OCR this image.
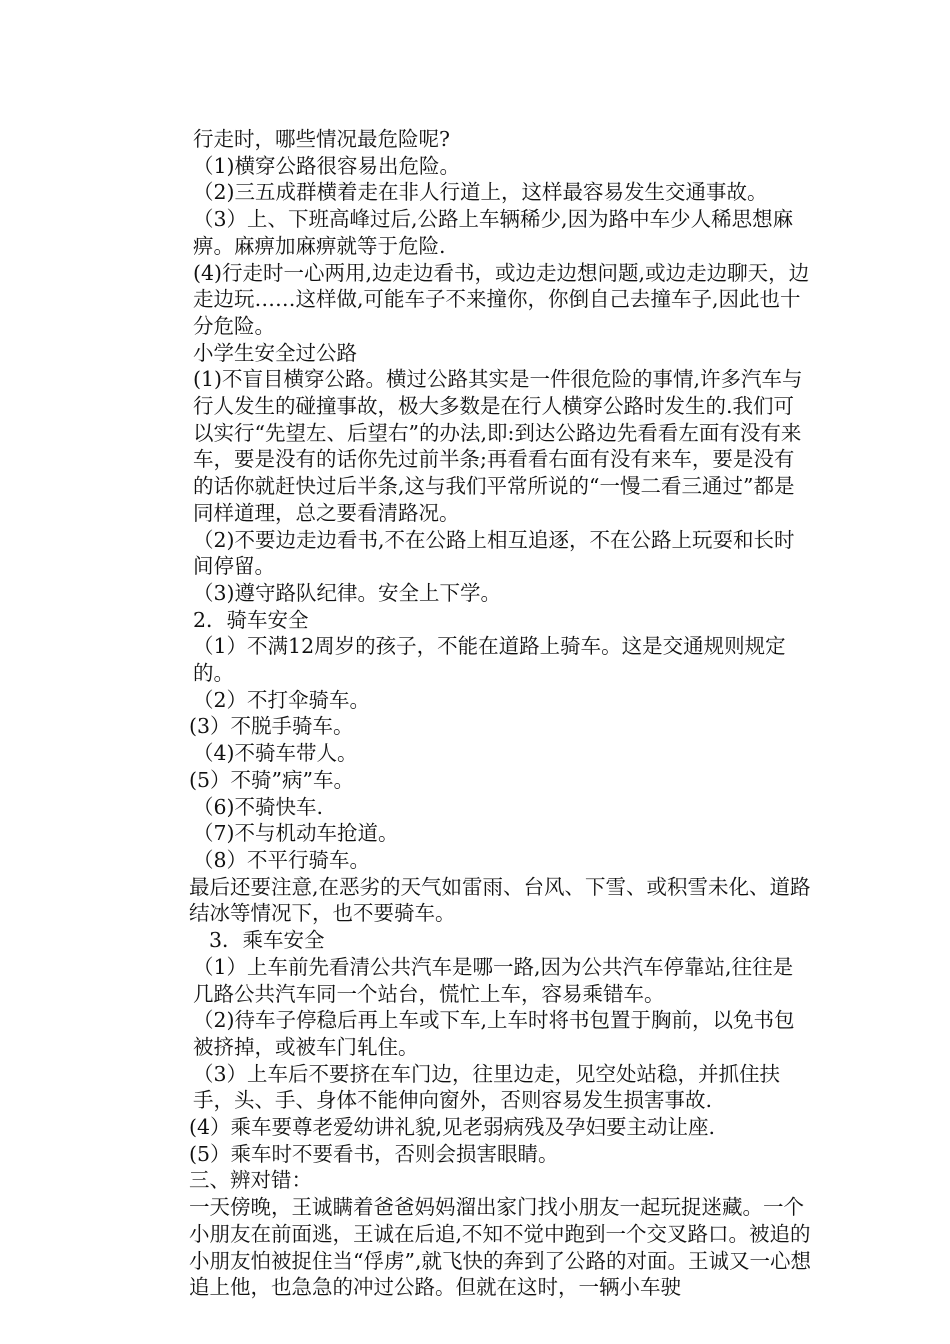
行走时，哪些情况最危险呢?
（1)横穿公路很容易出危险。
（2)三五成群横着走在非人行道上，这样最容易发生交通事故。
（3）上、下班高峰过后,公路上车辆稀少,因为路中车少人稀思想麻痹。麻痹加麻痹就等于危险.
(4)行走时一心两用,边走边看书，或边走边想问题,或边走边聊天，边走边玩……这样做,可能车子不来撞你，你倒自己去撞车子,因此也十分危险。
小学生安全过公路
(1)不盲目横穿公路。横过公路其实是一件很危险的事情,许多汽车与行人发生的碰撞事故，极大多数是在行人横穿公路时发生的.我们可以实行“先望左、后望右”的办法,即:到达公路边先看看左面有没有来车，要是没有的话你先过前半条;再看看右面有没有来车，要是没有的话你就赶快过后半条,这与我们平常所说的“一慢二看三通过”都是同样道理，总之要看清路况。
（2)不要边走边看书,不在公路上相互追逐，不在公路上玩耍和长时间停留。
（3)遵守路队纪律。安全上下学。
2．骑车安全
（1）不满12周岁的孩子，不能在道路上骑车。这是交通规则规定的。
（2）不打伞骑车。
(3）不脱手骑车。
（4)不骑车带人。
(5）不骑”病”车。
（6)不骑快车.
（7)不与机动车抢道。
（8）不平行骑车。
最后还要注意,在恶劣的天气如雷雨、台风、下雪、或积雪未化、道路结冰等情况下，也不要骑车。
3．乘车安全
（1）上车前先看清公共汽车是哪一路,因为公共汽车停靠站,往往是几路公共汽车同一个站台，慌忙上车，容易乘错车。
（2)待车子停稳后再上车或下车,上车时将书包置于胸前，以免书包被挤掉，或被车门轧住。
（3）上车后不要挤在车门边，往里边走，见空处站稳，并抓住扶手，头、手、身体不能伸向窗外，否则容易发生损害事故.
(4）乘车要尊老爱幼讲礼貌,见老弱病残及孕妇要主动让座.
(5）乘车时不要看书，否则会损害眼睛。
三、辨对错：
一天傍晚，王诚瞒着爸爸妈妈溜出家门找小朋友一起玩捉迷藏。一个小朋友在前面逃，王诚在后追,不知不觉中跑到一个交叉路口。被追的小朋友怕被捉住当“俘虏”,就飞快的奔到了公路的对面。王诚又一心想追上他，也急急的冲过公路。但就在这时，一辆小车驶
